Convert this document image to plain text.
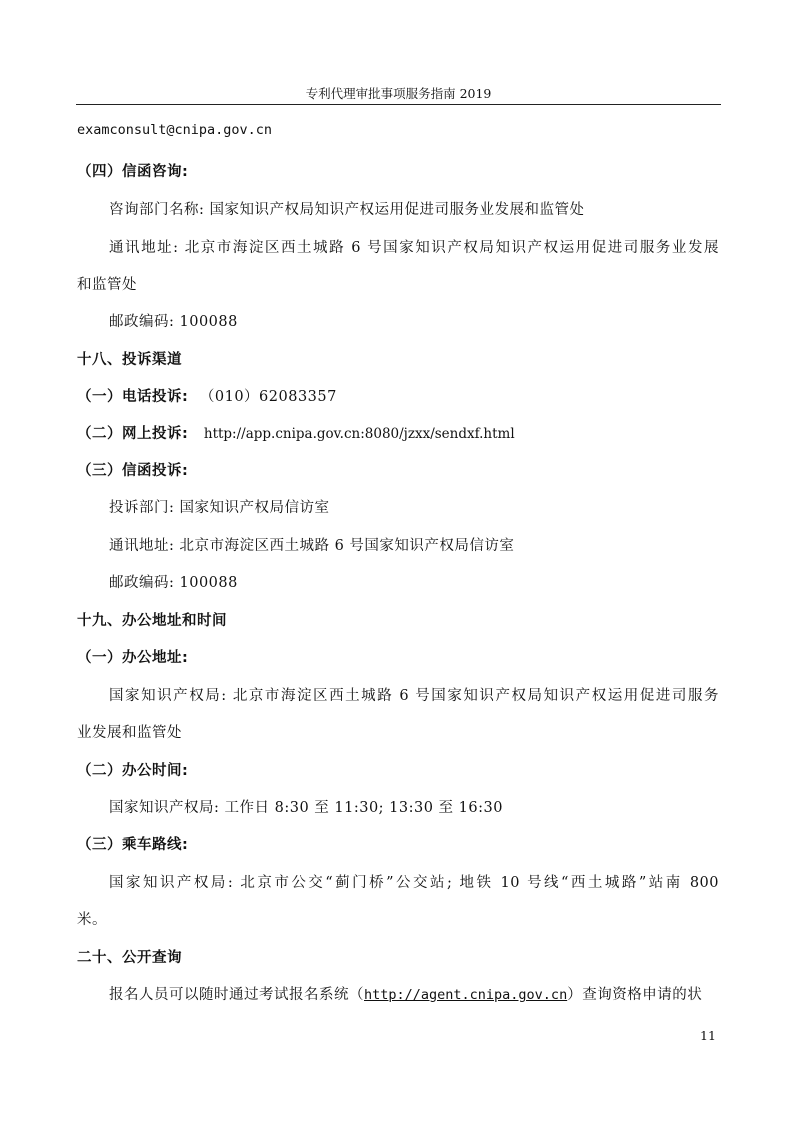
专利代理审批事项服务指南 2019
examconsult@cnipa.gov.cn
（四）信函咨询:
咨询部门名称: 国家知识产权局知识产权运用促进司服务业发展和监管处
通讯地址: 北京市海淀区西土城路 6 号国家知识产权局知识产权运用促进司服务业发展
和监管处
邮政编码: 100088
十八、投诉渠道
（一）电话投诉: （010）62083357
（二）网上投诉: http://app.cnipa.gov.cn:8080/jzxx/sendxf.html
（三）信函投诉:
投诉部门: 国家知识产权局信访室
通讯地址: 北京市海淀区西土城路 6 号国家知识产权局信访室
邮政编码: 100088
十九、办公地址和时间
（一）办公地址:
国家知识产权局: 北京市海淀区西土城路 6 号国家知识产权局知识产权运用促进司服务
业发展和监管处
（二）办公时间:
国家知识产权局: 工作日 8:30 至 11:30; 13:30 至 16:30
（三）乘车路线:
国家知识产权局: 北京市公交“蓟门桥”公交站; 地铁 10 号线“西土城路”站南 800
米。
二十、公开查询
报名人员可以随时通过考试报名系统（http://agent.cnipa.gov.cn）查询资格申请的状
11
